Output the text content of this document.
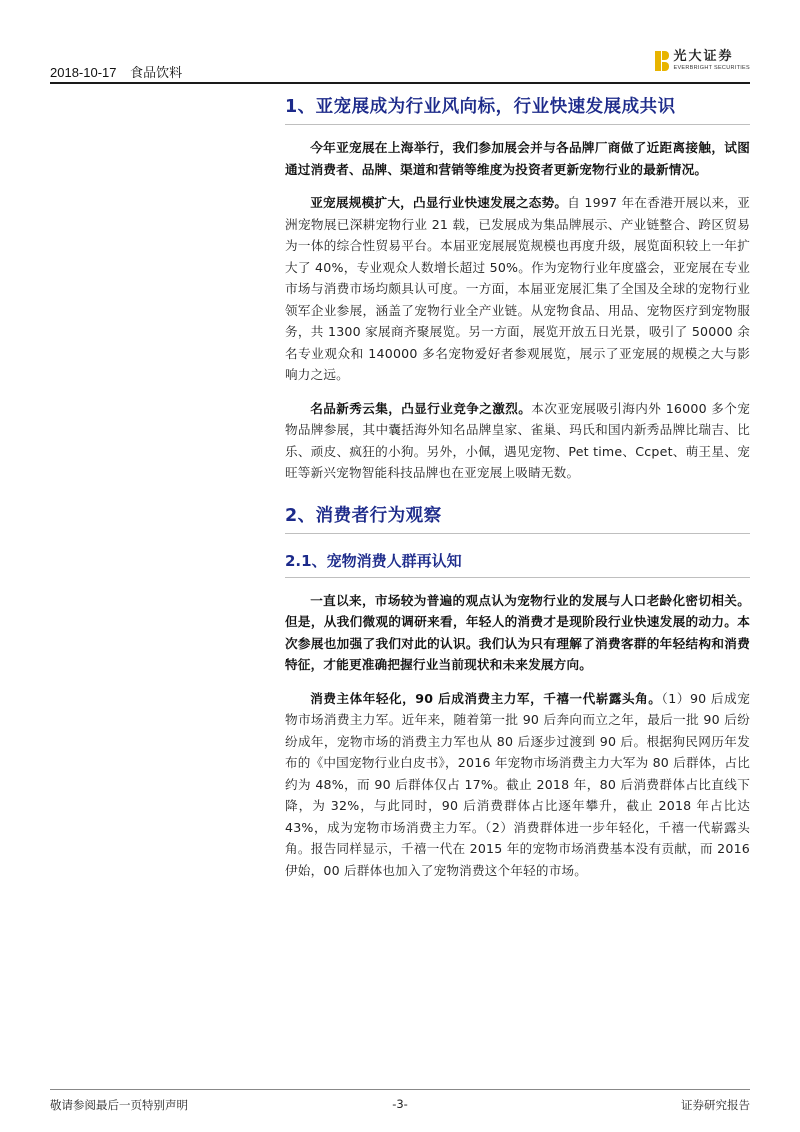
2018-10-17 食品饮料
光大证券
EVERBRIGHT SECURITIES
1、亚宠展成为行业风向标，行业快速发展成共识

今年亚宠展在上海举行，我们参加展会并与各品牌厂商做了近距离接触，试图通过消费者、品牌、渠道和营销等维度为投资者更新宠物行业的最新情况。

亚宠展规模扩大，凸显行业快速发展之态势。自 1997 年在香港开展以来，亚洲宠物展已深耕宠物行业 21 载，已发展成为集品牌展示、产业链整合、跨区贸易为一体的综合性贸易平台。本届亚宠展展览规模也再度升级，展览面积较上一年扩大了 40%，专业观众人数增长超过 50%。作为宠物行业年度盛会，亚宠展在专业市场与消费市场均颇具认可度。一方面，本届亚宠展汇集了全国及全球的宠物行业领军企业参展，涵盖了宠物行业全产业链。从宠物食品、用品、宠物医疗到宠物服务，共 1300 家展商齐聚展览。另一方面，展览开放五日光景，吸引了 50000 余名专业观众和 140000 多名宠物爱好者参观展览，展示了亚宠展的规模之大与影响力之远。

名品新秀云集，凸显行业竞争之激烈。本次亚宠展吸引海内外 16000 多个宠物品牌参展，其中囊括海外知名品牌皇家、雀巢、玛氏和国内新秀品牌比瑞吉、比乐、顽皮、疯狂的小狗。另外，小佩，遇见宠物、Pet time、Ccpet、萌王星、宠旺等新兴宠物智能科技品牌也在亚宠展上吸睛无数。

2、消费者行为观察
2.1、宠物消费人群再认知

一直以来，市场较为普遍的观点认为宠物行业的发展与人口老龄化密切相关。但是，从我们微观的调研来看，年轻人的消费才是现阶段行业快速发展的动力。本次参展也加强了我们对此的认识。我们认为只有理解了消费客群的年轻结构和消费特征，才能更准确把握行业当前现状和未来发展方向。

消费主体年轻化，90 后成消费主力军，千禧一代崭露头角。（1）90 后成宠物市场消费主力军。近年来，随着第一批 90 后奔向而立之年，最后一批 90 后纷纷成年，宠物市场的消费主力军也从 80 后逐步过渡到 90 后。根据狗民网历年发布的《中国宠物行业白皮书》，2016 年宠物市场消费主力大军为 80 后群体，占比约为 48%，而 90 后群体仅占 17%。截止 2018 年，80 后消费群体占比直线下降，为 32%，与此同时，90 后消费群体占比逐年攀升，截止 2018 年占比达 43%，成为宠物市场消费主力军。（2）消费群体进一步年轻化，千禧一代崭露头角。报告同样显示，千禧一代在 2015 年的宠物市场消费基本没有贡献，而 2016 伊始，00 后群体也加入了宠物消费这个年轻的市场。

敬请参阅最后一页特别声明	-3-	证券研究报告
